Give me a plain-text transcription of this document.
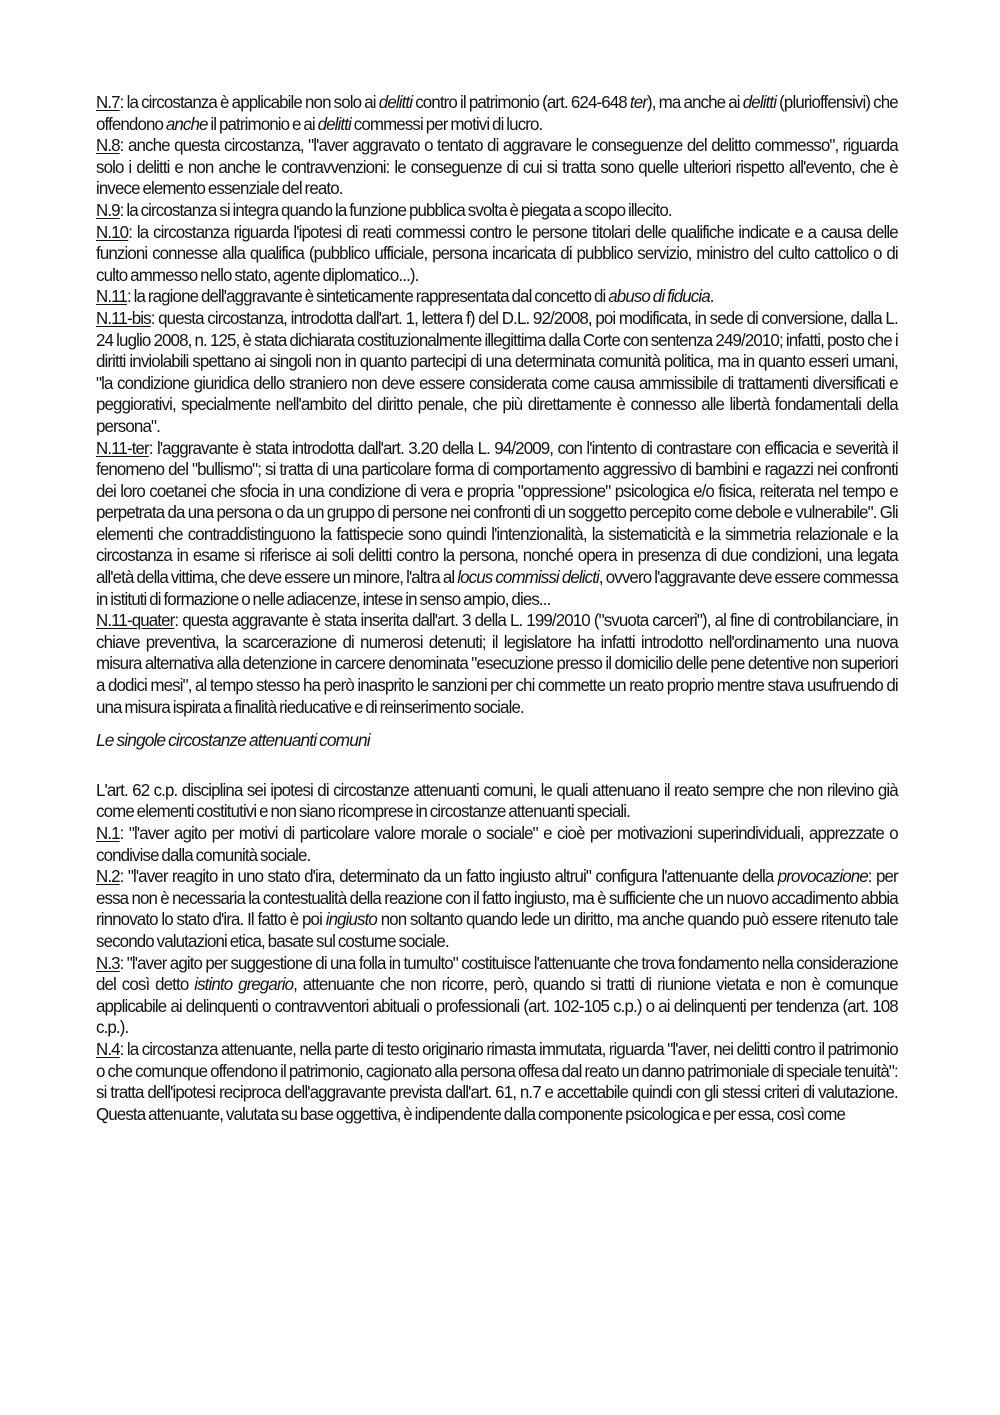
N.7: la circostanza è applicabile non solo ai delitti contro il patrimonio (art. 624-648 ter), ma anche ai delitti (plurioffensivi) che offendono anche il patrimonio e ai delitti commessi per motivi di lucro.

N.8: anche questa circostanza, "l'aver aggravato o tentato di aggravare le conseguenze del delitto commesso", riguarda solo i delitti e non anche le contravvenzioni: le conseguenze di cui si tratta sono quelle ulteriori rispetto all'evento, che è invece elemento essenziale del reato.

N.9: la circostanza si integra quando la funzione pubblica svolta è piegata a scopo illecito.

N.10: la circostanza riguarda l'ipotesi di reati commessi contro le persone titolari delle qualifiche indicate e a causa delle funzioni connesse alla qualifica (pubblico ufficiale, persona incaricata di pubblico servizio, ministro del culto cattolico o di culto ammesso nello stato, agente diplomatico...).

N.11: la ragione dell'aggravante è sinteticamente rappresentata dal concetto di abuso di fiducia.

N.11-bis: questa circostanza, introdotta dall'art. 1, lettera f) del D.L. 92/2008, poi modificata, in sede di conversione, dalla L. 24 luglio 2008, n. 125, è stata dichiarata costituzionalmente illegittima dalla Corte con sentenza 249/2010; infatti, posto che i diritti inviolabili spettano ai singoli non in quanto partecipi di una determinata comunità politica, ma in quanto esseri umani, "la condizione giuridica dello straniero non deve essere considerata come causa ammissibile di trattamenti diversificati e peggiorativi, specialmente nell'ambito del diritto penale, che più direttamente è connesso alle libertà fondamentali della persona".

N.11-ter: l'aggravante è stata introdotta dall'art. 3.20 della L. 94/2009, con l'intento di contrastare con efficacia e severità il fenomeno del "bullismo"; si tratta di una particolare forma di comportamento aggressivo di bambini e ragazzi nei confronti dei loro coetanei che sfocia in una condizione di vera e propria "oppressione" psicologica e/o fisica, reiterata nel tempo e perpetrata da una persona o da un gruppo di persone nei confronti di un soggetto percepito come debole e vulnerabile". Gli elementi che contraddistinguono la fattispecie sono quindi l'intenzionalità, la sistematicità e la simmetria relazionale e la circostanza in esame si riferisce ai soli delitti contro la persona, nonché opera in presenza di due condizioni, una legata all'età della vittima, che deve essere un minore, l'altra al locus commissi delicti, ovvero l'aggravante deve essere commessa in istituti di formazione o nelle adiacenze, intese in senso ampio, dies...

N.11-quater: questa aggravante è stata inserita dall'art. 3 della L. 199/2010 ("svuota carceri"), al fine di controbilanciare, in chiave preventiva, la scarcerazione di numerosi detenuti; il legislatore ha infatti introdotto nell'ordinamento una nuova misura alternativa alla detenzione in carcere denominata "esecuzione presso il domicilio delle pene detentive non superiori a dodici mesi", al tempo stesso ha però inasprito le sanzioni per chi commette un reato proprio mentre stava usufruendo di una misura ispirata a finalità rieducative e di reinserimento sociale.

Le singole circostanze attenuanti comuni

L'art. 62 c.p. disciplina sei ipotesi di circostanze attenuanti comuni, le quali attenuano il reato sempre che non rilevino già come elementi costitutivi e non siano ricomprese in circostanze attenuanti speciali.

N.1: "l'aver agito per motivi di particolare valore morale o sociale" e cioè per motivazioni superindividuali, apprezzate o condivise dalla comunità sociale.

N.2: "l'aver reagito in uno stato d'ira, determinato da un fatto ingiusto altrui" configura l'attenuante della provocazione: per essa non è necessaria la contestualità della reazione con il fatto ingiusto, ma è sufficiente che un nuovo accadimento abbia rinnovato lo stato d'ira. Il fatto è poi ingiusto non soltanto quando lede un diritto, ma anche quando può essere ritenuto tale secondo valutazioni etica, basate sul costume sociale.

N.3: "l'aver agito per suggestione di una folla in tumulto" costituisce l'attenuante che trova fondamento nella considerazione del così detto istinto gregario, attenuante che non ricorre, però, quando si tratti di riunione vietata e non è comunque applicabile ai delinquenti o contravventori abituali o professionali (art. 102-105 c.p.) o ai delinquenti per tendenza (art. 108 c.p.).

N.4: la circostanza attenuante, nella parte di testo originario rimasta immutata, riguarda "l'aver, nei delitti contro il patrimonio o che comunque offendono il patrimonio, cagionato alla persona offesa dal reato un danno patrimoniale di speciale tenuità": si tratta dell'ipotesi reciproca dell'aggravante prevista dall'art. 61, n.7 e accettabile quindi con gli stessi criteri di valutazione. Questa attenuante, valutata su base oggettiva, è indipendente dalla componente psicologica e per essa, così come
